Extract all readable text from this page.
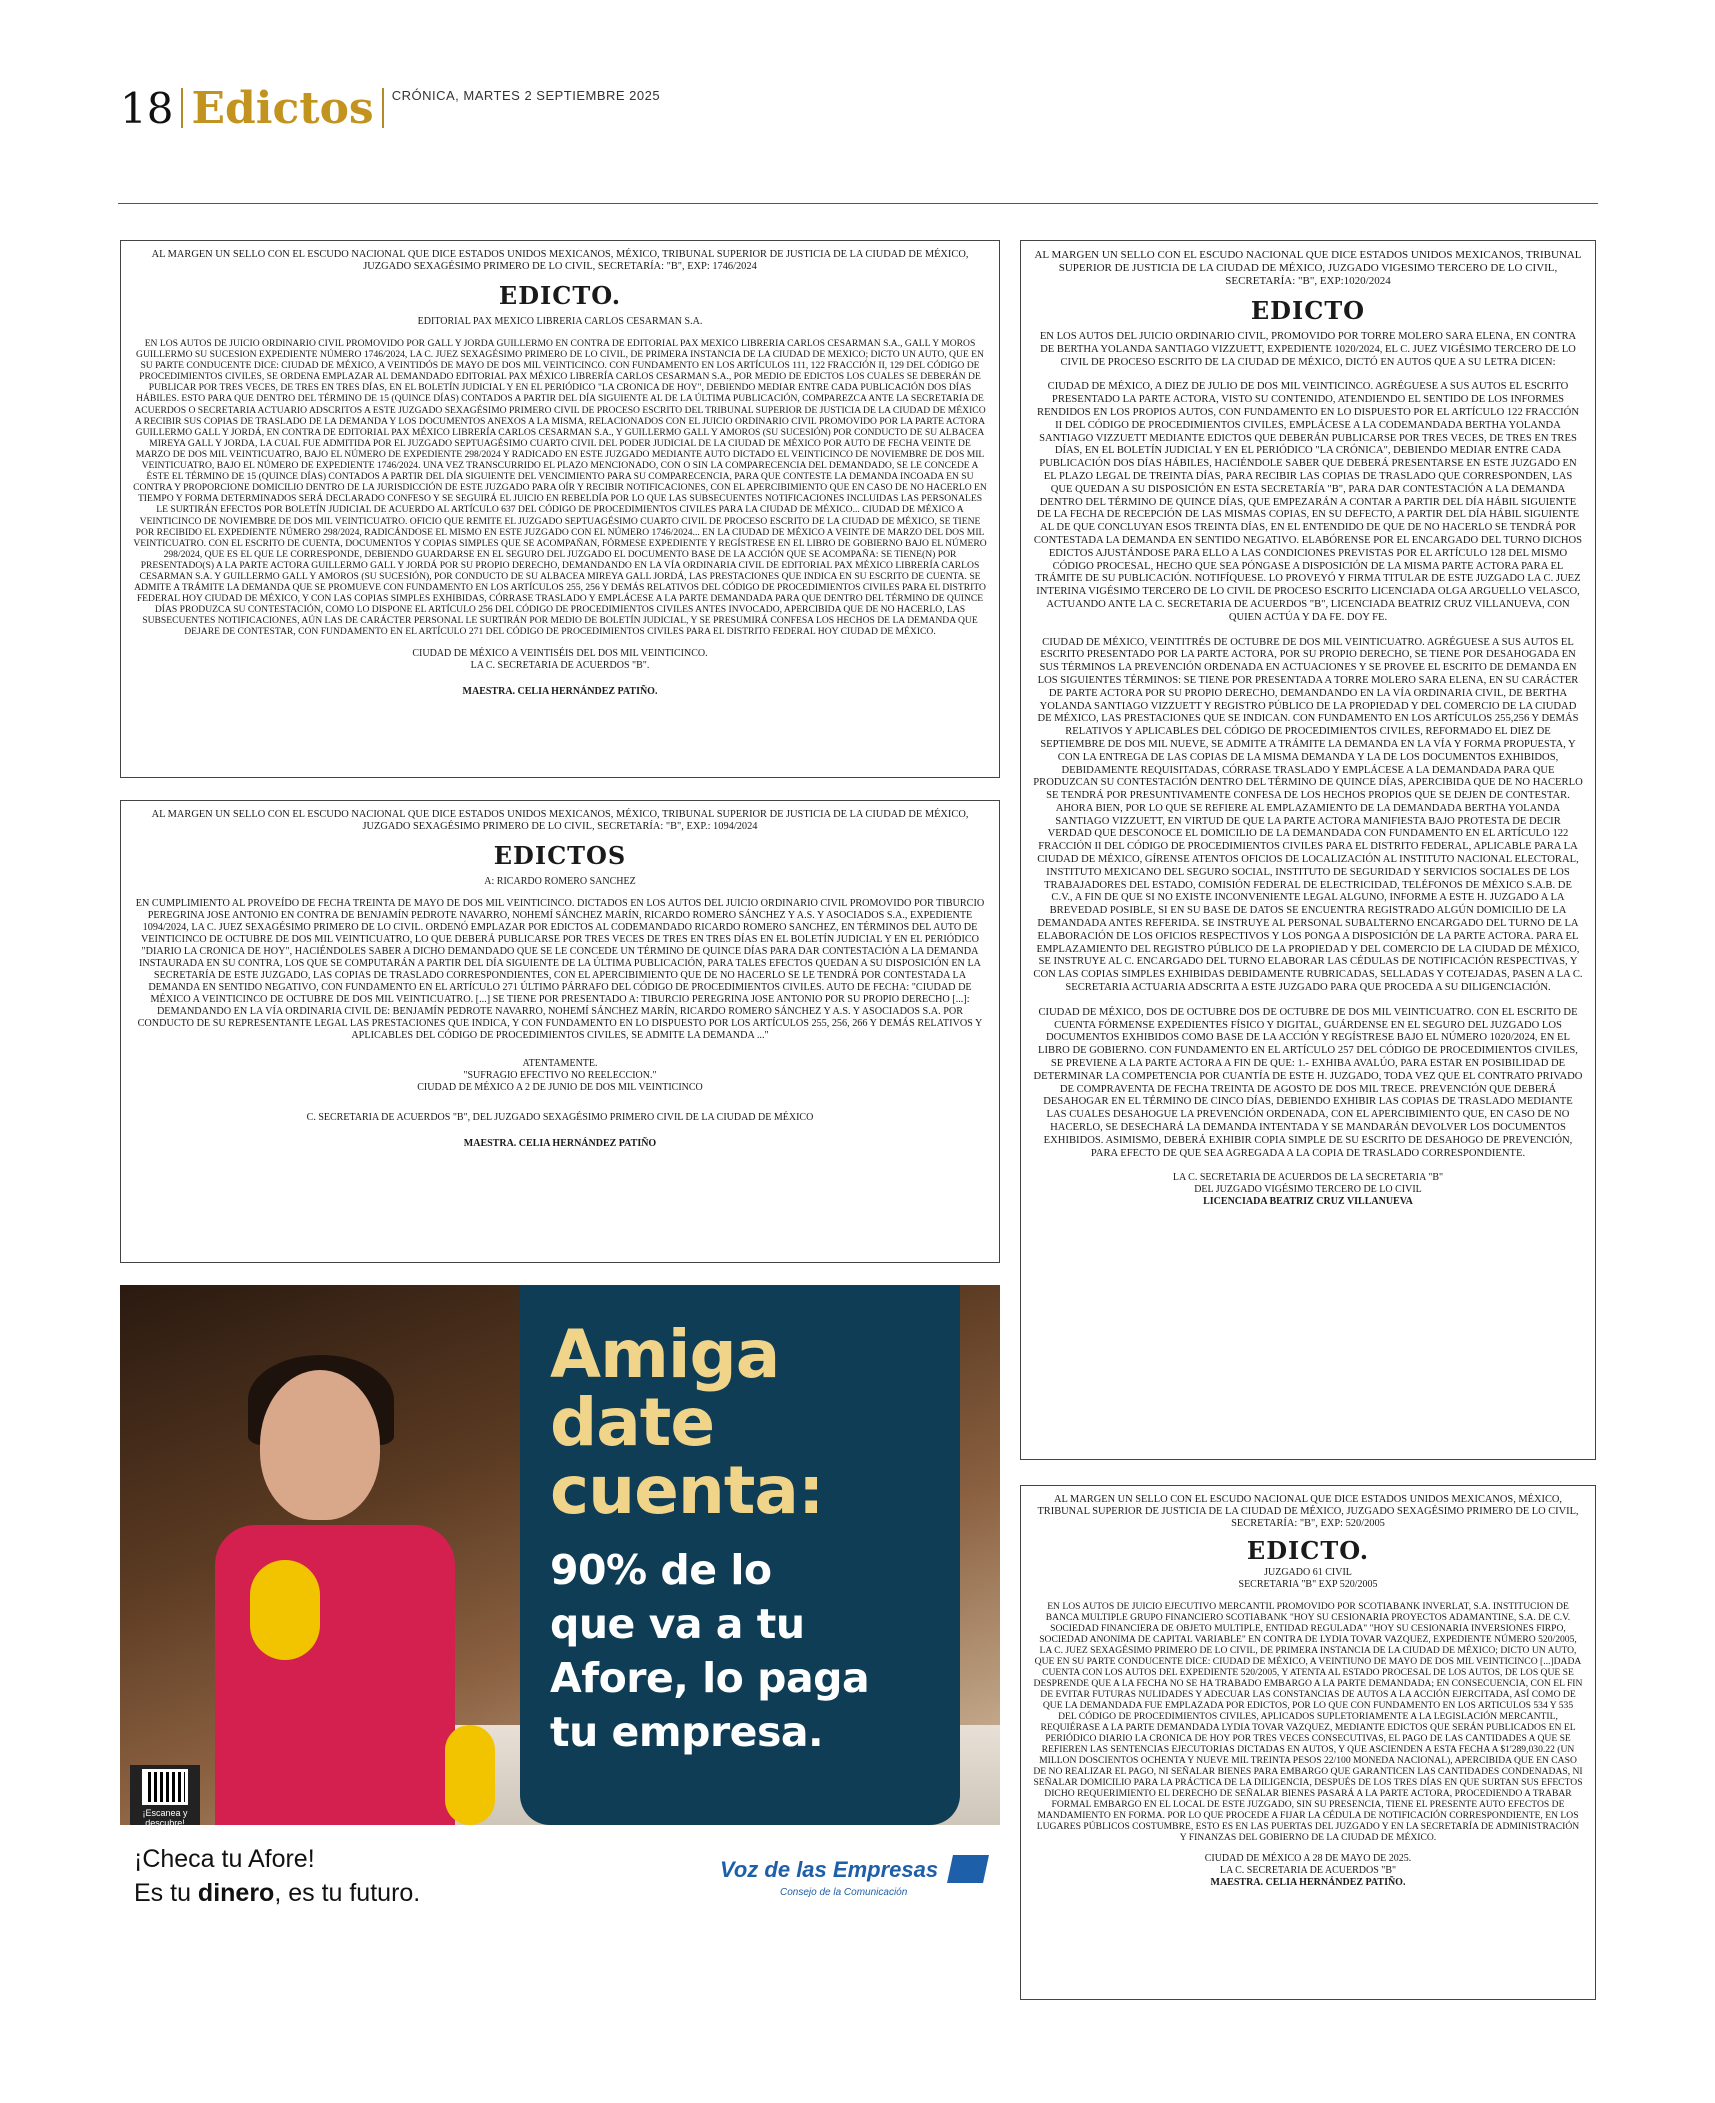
18 Edictos CRÓNICA, MARTES 2 SEPTIEMBRE 2025
AL MARGEN UN SELLO CON EL ESCUDO NACIONAL QUE DICE ESTADOS UNIDOS MEXICANOS, MÉXICO, TRIBUNAL SUPERIOR DE JUSTICIA DE LA CIUDAD DE MÉXICO, JUZGADO SEXAGÉSIMO PRIMERO DE LO CIVIL, SECRETARÍA: "B", EXP: 1746/2024
EDICTO.
EDITORIAL PAX MEXICO LIBRERIA CARLOS CESARMAN S.A.
EN LOS AUTOS DE JUICIO ORDINARIO CIVIL PROMOVIDO POR GALL Y JORDA GUILLERMO EN CONTRA DE EDITORIAL PAX MEXICO LIBRERIA CARLOS CESARMAN S.A., GALL Y MOROS GUILLERMO SU SUCESION EXPEDIENTE NÚMERO 1746/2024, LA C. JUEZ SEXAGÉSIMO PRIMERO DE LO CIVIL, DE PRIMERA INSTANCIA DE LA CIUDAD DE MEXICO; DICTO UN AUTO, QUE EN SU PARTE CONDUCENTE DICE: CIUDAD DE MÉXICO, A VEINTIDÓS DE MAYO DE DOS MIL VEINTICINCO. CON FUNDAMENTO EN LOS ARTÍCULOS 111, 122 FRACCIÓN II, 129 DEL CÓDIGO DE PROCEDIMIENTOS CIVILES, SE ORDENA EMPLAZAR AL DEMANDADO EDITORIAL PAX MÉXICO LIBRERÍA CARLOS CESARMAN S.A., POR MEDIO DE EDICTOS LOS CUALES SE DEBERÁN DE PUBLICAR POR TRES VECES, DE TRES EN TRES DÍAS, EN EL BOLETÍN JUDICIAL Y EN EL PERIÓDICO "LA CRONICA DE HOY", DEBIENDO MEDIAR ENTRE CADA PUBLICACIÓN DOS DÍAS HÁBILES. ESTO PARA QUE DENTRO DEL TÉRMINO DE 15 (QUINCE DÍAS) CONTADOS A PARTIR DEL DÍA SIGUIENTE AL DE LA ÚLTIMA PUBLICACIÓN, COMPAREZCA ANTE LA SECRETARIA DE ACUERDOS O SECRETARIA ACTUARIO ADSCRITOS A ESTE JUZGADO SEXAGÉSIMO PRIMERO CIVIL DE PROCESO ESCRITO DEL TRIBUNAL SUPERIOR DE JUSTICIA DE LA CIUDAD DE MÉXICO A RECIBIR SUS COPIAS DE TRASLADO DE LA DEMANDA Y LOS DOCUMENTOS ANEXOS A LA MISMA, RELACIONADOS CON EL JUICIO ORDINARIO CIVIL PROMOVIDO POR LA PARTE ACTORA GUILLERMO GALL Y JORDÁ, EN CONTRA DE EDITORIAL PAX MÉXICO LIBRERÍA CARLOS CESARMAN S.A., Y GUILLERMO GALL Y AMOROS (SU SUCESIÓN) POR CONDUCTO DE SU ALBACEA MIREYA GALL Y JORDA, LA CUAL FUE ADMITIDA POR EL JUZGADO SEPTUAGÉSIMO CUARTO CIVIL DEL PODER JUDICIAL DE LA CIUDAD DE MÉXICO POR AUTO DE FECHA VEINTE DE MARZO DE DOS MIL VEINTICUATRO, BAJO EL NÚMERO DE EXPEDIENTE 298/2024 Y RADICADO EN ESTE JUZGADO MEDIANTE AUTO DICTADO EL VEINTICINCO DE NOVIEMBRE DE DOS MIL VEINTICUATRO, BAJO EL NÚMERO DE EXPEDIENTE 1746/2024. UNA VEZ TRANSCURRIDO EL PLAZO MENCIONADO, CON O SIN LA COMPARECENCIA DEL DEMANDADO, SE LE CONCEDE A ÉSTE EL TÉRMINO DE 15 (QUINCE DÍAS) CONTADOS A PARTIR DEL DÍA SIGUIENTE DEL VENCIMIENTO PARA SU COMPARECENCIA, PARA QUE CONTESTE LA DEMANDA INCOADA EN SU CONTRA Y PROPORCIONE DOMICILIO DENTRO DE LA JURISDICCIÓN DE ESTE JUZGADO PARA OÍR Y RECIBIR NOTIFICACIONES, CON EL APERCIBIMIENTO QUE EN CASO DE NO HACERLO EN TIEMPO Y FORMA DETERMINADOS SERÁ DECLARADO CONFESO Y SE SEGUIRÁ EL JUICIO EN REBELDÍA POR LO QUE LAS SUBSECUENTES NOTIFICACIONES INCLUIDAS LAS PERSONALES LE SURTIRÁN EFECTOS POR BOLETÍN JUDICIAL DE ACUERDO AL ARTÍCULO 637 DEL CÓDIGO DE PROCEDIMIENTOS CIVILES PARA LA CIUDAD DE MÉXICO... CIUDAD DE MÉXICO A VEINTICINCO DE NOVIEMBRE DE DOS MIL VEINTICUATRO. OFICIO QUE REMITE EL JUZGADO SEPTUAGÉSIMO CUARTO CIVIL DE PROCESO ESCRITO DE LA CIUDAD DE MÉXICO, SE TIENE POR RECIBIDO EL EXPEDIENTE NÚMERO 298/2024, RADICÁNDOSE EL MISMO EN ESTE JUZGADO CON EL NÚMERO 1746/2024... EN LA CIUDAD DE MÉXICO A VEINTE DE MARZO DEL DOS MIL VEINTICUATRO. CON EL ESCRITO DE CUENTA, DOCUMENTOS Y COPIAS SIMPLES QUE SE ACOMPAÑAN, FÓRMESE EXPEDIENTE Y REGÍSTRESE EN EL LIBRO DE GOBIERNO BAJO EL NÚMERO 298/2024, QUE ES EL QUE LE CORRESPONDE, DEBIENDO GUARDARSE EN EL SEGURO DEL JUZGADO EL DOCUMENTO BASE DE LA ACCIÓN QUE SE ACOMPAÑA: SE TIENE(N) POR PRESENTADO(S) A LA PARTE ACTORA GUILLERMO GALL Y JORDÁ POR SU PROPIO DERECHO, DEMANDANDO EN LA VÍA ORDINARIA CIVIL DE EDITORIAL PAX MÉXICO LIBRERÍA CARLOS CESARMAN S.A. Y GUILLERMO GALL Y AMOROS (SU SUCESIÓN), POR CONDUCTO DE SU ALBACEA MIREYA GALL JORDÁ, LAS PRESTACIONES QUE INDICA EN SU ESCRITO DE CUENTA. SE ADMITE A TRÁMITE LA DEMANDA QUE SE PROMUEVE CON FUNDAMENTO EN LOS ARTÍCULOS 255, 256 Y DEMÁS RELATIVOS DEL CÓDIGO DE PROCEDIMIENTOS CIVILES PARA EL DISTRITO FEDERAL HOY CIUDAD DE MÉXICO, Y CON LAS COPIAS SIMPLES EXHIBIDAS, CÓRRASE TRASLADO Y EMPLÁCESE A LA PARTE DEMANDADA PARA QUE DENTRO DEL TÉRMINO DE QUINCE DÍAS PRODUZCA SU CONTESTACIÓN, COMO LO DISPONE EL ARTÍCULO 256 DEL CÓDIGO DE PROCEDIMIENTOS CIVILES ANTES INVOCADO, APERCIBIDA QUE DE NO HACERLO, LAS SUBSECUENTES NOTIFICACIONES, AÚN LAS DE CARÁCTER PERSONAL LE SURTIRÁN POR MEDIO DE BOLETÍN JUDICIAL, Y SE PRESUMIRÁ CONFESA LOS HECHOS DE LA DEMANDA QUE DEJARE DE CONTESTAR, CON FUNDAMENTO EN EL ARTÍCULO 271 DEL CÓDIGO DE PROCEDIMIENTOS CIVILES PARA EL DISTRITO FEDERAL HOY CIUDAD DE MÉXICO.
CIUDAD DE MÉXICO A VEINTISÉIS DEL DOS MIL VEINTICINCO.
LA C. SECRETARIA DE ACUERDOS "B".
MAESTRA. CELIA HERNÁNDEZ PATIÑO.
AL MARGEN UN SELLO CON EL ESCUDO NACIONAL QUE DICE ESTADOS UNIDOS MEXICANOS, MÉXICO, TRIBUNAL SUPERIOR DE JUSTICIA DE LA CIUDAD DE MÉXICO, JUZGADO SEXAGÉSIMO PRIMERO DE LO CIVIL, SECRETARÍA: "B", EXP.: 1094/2024
EDICTOS
A: RICARDO ROMERO SANCHEZ
EN CUMPLIMIENTO AL PROVEÍDO DE FECHA TREINTA DE MAYO DE DOS MIL VEINTICINCO. DICTADOS EN LOS AUTOS DEL JUICIO ORDINARIO CIVIL PROMOVIDO POR TIBURCIO PEREGRINA JOSE ANTONIO EN CONTRA DE BENJAMÍN PEDROTE NAVARRO, NOHEMÍ SÁNCHEZ MARÍN, RICARDO ROMERO SÁNCHEZ Y A.S. Y ASOCIADOS S.A., EXPEDIENTE 1094/2024, LA C. JUEZ SEXAGÉSIMO PRIMERO DE LO CIVIL. ORDENÓ EMPLAZAR POR EDICTOS AL CODEMANDADO RICARDO ROMERO SANCHEZ, EN TÉRMINOS DEL AUTO DE VEINTICINCO DE OCTUBRE DE DOS MIL VEINTICUATRO, LO QUE DEBERÁ PUBLICARSE POR TRES VECES DE TRES EN TRES DÍAS EN EL BOLETÍN JUDICIAL Y EN EL PERIÓDICO "DIARIO LA CRONICA DE HOY", HACIÉNDOLES SABER A DICHO DEMANDADO QUE SE LE CONCEDE UN TÉRMINO DE QUINCE DÍAS PARA DAR CONTESTACIÓN A LA DEMANDA INSTAURADA EN SU CONTRA, LOS QUE SE COMPUTARÁN A PARTIR DEL DÍA SIGUIENTE DE LA ÚLTIMA PUBLICACIÓN, PARA TALES EFECTOS QUEDAN A SU DISPOSICIÓN EN LA SECRETARÍA DE ESTE JUZGADO, LAS COPIAS DE TRASLADO CORRESPONDIENTES, CON EL APERCIBIMIENTO QUE DE NO HACERLO SE LE TENDRÁ POR CONTESTADA LA DEMANDA EN SENTIDO NEGATIVO, CON FUNDAMENTO EN EL ARTÍCULO 271 ÚLTIMO PÁRRAFO DEL CÓDIGO DE PROCEDIMIENTOS CIVILES. AUTO DE FECHA: "CIUDAD DE MÉXICO A VEINTICINCO DE OCTUBRE DE DOS MIL VEINTICUATRO. [...] SE TIENE POR PRESENTADO A: TIBURCIO PEREGRINA JOSE ANTONIO POR SU PROPIO DERECHO [...]: DEMANDANDO EN LA VÍA ORDINARIA CIVIL DE: BENJAMÍN PEDROTE NAVARRO, NOHEMÍ SÁNCHEZ MARÍN, RICARDO ROMERO SÁNCHEZ Y A.S. Y ASOCIADOS S.A. POR CONDUCTO DE SU REPRESENTANTE LEGAL LAS PRESTACIONES QUE INDICA, Y CON FUNDAMENTO EN LO DISPUESTO POR LOS ARTÍCULOS 255, 256, 266 Y DEMÁS RELATIVOS Y APLICABLES DEL CÓDIGO DE PROCEDIMIENTOS CIVILES, SE ADMITE LA DEMANDA ..."
ATENTAMENTE.
"SUFRAGIO EFECTIVO NO REELECCION."
CIUDAD DE MÉXICO A 2 DE JUNIO DE DOS MIL VEINTICINCO
C. SECRETARIA DE ACUERDOS "B", DEL JUZGADO SEXAGÉSIMO PRIMERO CIVIL DE LA CIUDAD DE MÉXICO
MAESTRA. CELIA HERNÁNDEZ PATIÑO
AL MARGEN UN SELLO CON EL ESCUDO NACIONAL QUE DICE ESTADOS UNIDOS MEXICANOS, TRIBUNAL SUPERIOR DE JUSTICIA DE LA CIUDAD DE MÉXICO, JUZGADO VIGESIMO TERCERO DE LO CIVIL, SECRETARÍA: "B", EXP:1020/2024
EDICTO
EN LOS AUTOS DEL JUICIO ORDINARIO CIVIL, PROMOVIDO POR TORRE MOLERO SARA ELENA, EN CONTRA DE BERTHA YOLANDA SANTIAGO VIZZUETT, EXPEDIENTE 1020/2024, EL C. JUEZ VIGÉSIMO TERCERO DE LO CIVIL DE PROCESO ESCRITO DE LA CIUDAD DE MÉXICO, DICTÓ EN AUTOS QUE A SU LETRA DICEN:
CIUDAD DE MÉXICO, A DIEZ DE JULIO DE DOS MIL VEINTICINCO. AGRÉGUESE A SUS AUTOS EL ESCRITO PRESENTADO LA PARTE ACTORA, VISTO SU CONTENIDO, ATENDIENDO EL SENTIDO DE LOS INFORMES RENDIDOS EN LOS PROPIOS AUTOS, CON FUNDAMENTO EN LO DISPUESTO POR EL ARTÍCULO 122 FRACCIÓN II DEL CÓDIGO DE PROCEDIMIENTOS CIVILES, EMPLÁCESE A LA CODEMANDADA BERTHA YOLANDA SANTIAGO VIZZUETT MEDIANTE EDICTOS QUE DEBERÁN PUBLICARSE POR TRES VECES, DE TRES EN TRES DÍAS, EN EL BOLETÍN JUDICIAL Y EN EL PERIÓDICO "LA CRÓNICA", DEBIENDO MEDIAR ENTRE CADA PUBLICACIÓN DOS DÍAS HÁBILES, HACIÉNDOLE SABER QUE DEBERÁ PRESENTARSE EN ESTE JUZGADO EN EL PLAZO LEGAL DE TREINTA DÍAS, PARA RECIBIR LAS COPIAS DE TRASLADO QUE CORRESPONDEN, LAS QUE QUEDAN A SU DISPOSICIÓN EN ESTA SECRETARÍA "B", PARA DAR CONTESTACIÓN A LA DEMANDA DENTRO DEL TÉRMINO DE QUINCE DÍAS, QUE EMPEZARÁN A CONTAR A PARTIR DEL DÍA HÁBIL SIGUIENTE DE LA FECHA DE RECEPCIÓN DE LAS MISMAS COPIAS, EN SU DEFECTO, A PARTIR DEL DÍA HÁBIL SIGUIENTE AL DE QUE CONCLUYAN ESOS TREINTA DÍAS, EN EL ENTENDIDO DE QUE DE NO HACERLO SE TENDRÁ POR CONTESTADA LA DEMANDA EN SENTIDO NEGATIVO. ELABÓRENSE POR EL ENCARGADO DEL TURNO DICHOS EDICTOS AJUSTÁNDOSE PARA ELLO A LAS CONDICIONES PREVISTAS POR EL ARTÍCULO 128 DEL MISMO CÓDIGO PROCESAL, HECHO QUE SEA PÓNGASE A DISPOSICIÓN DE LA MISMA PARTE ACTORA PARA EL TRÁMITE DE SU PUBLICACIÓN. NOTIFÍQUESE. LO PROVEYÓ Y FIRMA TITULAR DE ESTE JUZGADO LA C. JUEZ INTERINA VIGÉSIMO TERCERO DE LO CIVIL DE PROCESO ESCRITO LICENCIADA OLGA ARGUELLO VELASCO, ACTUANDO ANTE LA C. SECRETARIA DE ACUERDOS "B", LICENCIADA BEATRIZ CRUZ VILLANUEVA, CON QUIEN ACTÚA Y DA FE. DOY FE.
CIUDAD DE MÉXICO, VEINTITRÉS DE OCTUBRE DE DOS MIL VEINTICUATRO. AGRÉGUESE A SUS AUTOS EL ESCRITO PRESENTADO POR LA PARTE ACTORA, POR SU PROPIO DERECHO, SE TIENE POR DESAHOGADA EN SUS TÉRMINOS LA PREVENCIÓN ORDENADA EN ACTUACIONES Y SE PROVEE EL ESCRITO DE DEMANDA EN LOS SIGUIENTES TÉRMINOS: SE TIENE POR PRESENTADA A TORRE MOLERO SARA ELENA, EN SU CARÁCTER DE PARTE ACTORA POR SU PROPIO DERECHO, DEMANDANDO EN LA VÍA ORDINARIA CIVIL, DE BERTHA YOLANDA SANTIAGO VIZZUETT Y REGISTRO PÚBLICO DE LA PROPIEDAD Y DEL COMERCIO DE LA CIUDAD DE MÉXICO, LAS PRESTACIONES QUE SE INDICAN. CON FUNDAMENTO EN LOS ARTÍCULOS 255,256 Y DEMÁS RELATIVOS Y APLICABLES DEL CÓDIGO DE PROCEDIMIENTOS CIVILES, REFORMADO EL DIEZ DE SEPTIEMBRE DE DOS MIL NUEVE, SE ADMITE A TRÁMITE LA DEMANDA EN LA VÍA Y FORMA PROPUESTA, Y CON LA ENTREGA DE LAS COPIAS DE LA MISMA DEMANDA Y LA DE LOS DOCUMENTOS EXHIBIDOS, DEBIDAMENTE REQUISITADAS, CÓRRASE TRASLADO Y EMPLÁCESE A LA DEMANDADA PARA QUE PRODUZCAN SU CONTESTACIÓN DENTRO DEL TÉRMINO DE QUINCE DÍAS, APERCIBIDA QUE DE NO HACERLO SE TENDRÁ POR PRESUNTIVAMENTE CONFESA DE LOS HECHOS PROPIOS QUE SE DEJEN DE CONTESTAR. AHORA BIEN, POR LO QUE SE REFIERE AL EMPLAZAMIENTO DE LA DEMANDADA BERTHA YOLANDA SANTIAGO VIZZUETT, EN VIRTUD DE QUE LA PARTE ACTORA MANIFIESTA BAJO PROTESTA DE DECIR VERDAD QUE DESCONOCE EL DOMICILIO DE LA DEMANDADA CON FUNDAMENTO EN EL ARTÍCULO 122 FRACCIÓN II DEL CÓDIGO DE PROCEDIMIENTOS CIVILES PARA EL DISTRITO FEDERAL, APLICABLE PARA LA CIUDAD DE MÉXICO, GÍRENSE ATENTOS OFICIOS DE LOCALIZACIÓN AL INSTITUTO NACIONAL ELECTORAL, INSTITUTO MEXICANO DEL SEGURO SOCIAL, INSTITUTO DE SEGURIDAD Y SERVICIOS SOCIALES DE LOS TRABAJADORES DEL ESTADO, COMISIÓN FEDERAL DE ELECTRICIDAD, TELÉFONOS DE MÉXICO S.A.B. DE C.V., A FIN DE QUE SI NO EXISTE INCONVENIENTE LEGAL ALGUNO, INFORME A ESTE H. JUZGADO A LA BREVEDAD POSIBLE, SI EN SU BASE DE DATOS SE ENCUENTRA REGISTRADO ALGÚN DOMICILIO DE LA DEMANDADA ANTES REFERIDA. SE INSTRUYE AL PERSONAL SUBALTERNO ENCARGADO DEL TURNO DE LA ELABORACIÓN DE LOS OFICIOS RESPECTIVOS Y LOS PONGA A DISPOSICIÓN DE LA PARTE ACTORA. PARA EL EMPLAZAMIENTO DEL REGISTRO PÚBLICO DE LA PROPIEDAD Y DEL COMERCIO DE LA CIUDAD DE MÉXICO, SE INSTRUYE AL C. ENCARGADO DEL TURNO ELABORAR LAS CÉDULAS DE NOTIFICACIÓN RESPECTIVAS, Y CON LAS COPIAS SIMPLES EXHIBIDAS DEBIDAMENTE RUBRICADAS, SELLADAS Y COTEJADAS, PASEN A LA C. SECRETARIA ACTUARIA ADSCRITA A ESTE JUZGADO PARA QUE PROCEDA A SU DILIGENCIACIÓN.
CIUDAD DE MÉXICO, DOS DE OCTUBRE DOS DE OCTUBRE DE DOS MIL VEINTICUATRO. CON EL ESCRITO DE CUENTA FÓRMENSE EXPEDIENTES FÍSICO Y DIGITAL, GUÁRDENSE EN EL SEGURO DEL JUZGADO LOS DOCUMENTOS EXHIBIDOS COMO BASE DE LA ACCIÓN Y REGÍSTRESE BAJO EL NÚMERO 1020/2024, EN EL LIBRO DE GOBIERNO. CON FUNDAMENTO EN EL ARTÍCULO 257 DEL CÓDIGO DE PROCEDIMIENTOS CIVILES, SE PREVIENE A LA PARTE ACTORA A FIN DE QUE: 1.- EXHIBA AVALÚO, PARA ESTAR EN POSIBILIDAD DE DETERMINAR LA COMPETENCIA POR CUANTÍA DE ESTE H. JUZGADO, TODA VEZ QUE EL CONTRATO PRIVADO DE COMPRAVENTA DE FECHA TREINTA DE AGOSTO DE DOS MIL TRECE. PREVENCIÓN QUE DEBERÁ DESAHOGAR EN EL TÉRMINO DE CINCO DÍAS, DEBIENDO EXHIBIR LAS COPIAS DE TRASLADO MEDIANTE LAS CUALES DESAHOGUE LA PREVENCIÓN ORDENADA, CON EL APERCIBIMIENTO QUE, EN CASO DE NO HACERLO, SE DESECHARÁ LA DEMANDA INTENTADA Y SE MANDARÁN DEVOLVER LOS DOCUMENTOS EXHIBIDOS. ASIMISMO, DEBERÁ EXHIBIR COPIA SIMPLE DE SU ESCRITO DE DESAHOGO DE PREVENCIÓN, PARA EFECTO DE QUE SEA AGREGADA A LA COPIA DE TRASLADO CORRESPONDIENTE.
LA C. SECRETARIA DE ACUERDOS DE LA SECRETARIA "B"
DEL JUZGADO VIGÉSIMO TERCERO DE LO CIVIL
LICENCIADA BEATRIZ CRUZ VILLANUEVA
AL MARGEN UN SELLO CON EL ESCUDO NACIONAL QUE DICE ESTADOS UNIDOS MEXICANOS, MÉXICO, TRIBUNAL SUPERIOR DE JUSTICIA DE LA CIUDAD DE MÉXICO, JUZGADO SEXAGÉSIMO PRIMERO DE LO CIVIL, SECRETARÍA: "B", EXP: 520/2005
EDICTO.
JUZGADO 61 CIVIL
SECRETARIA "B" EXP 520/2005
EN LOS AUTOS DE JUICIO EJECUTIVO MERCANTIL PROMOVIDO POR SCOTIABANK INVERLAT, S.A. INSTITUCION DE BANCA MULTIPLE GRUPO FINANCIERO SCOTIABANK "HOY SU CESIONARIA PROYECTOS ADAMANTINE, S.A. DE C.V. SOCIEDAD FINANCIERA DE OBJETO MULTIPLE, ENTIDAD REGULADA" "HOY SU CESIONARIA INVERSIONES FIRPO, SOCIEDAD ANONIMA DE CAPITAL VARIABLE" EN CONTRA DE LYDIA TOVAR VAZQUEZ, EXPEDIENTE NÚMERO 520/2005, LA C. JUEZ SEXAGÉSIMO PRIMERO DE LO CIVIL, DE PRIMERA INSTANCIA DE LA CIUDAD DE MÉXICO; DICTO UN AUTO, QUE EN SU PARTE CONDUCENTE DICE: CIUDAD DE MÉXICO, A VEINTIUNO DE MAYO DE DOS MIL VEINTICINCO [...]DADA CUENTA CON LOS AUTOS DEL EXPEDIENTE 520/2005, Y ATENTA AL ESTADO PROCESAL DE LOS AUTOS, DE LOS QUE SE DESPRENDE QUE A LA FECHA NO SE HA TRABADO EMBARGO A LA PARTE DEMANDADA; EN CONSECUENCIA, CON EL FIN DE EVITAR FUTURAS NULIDADES Y ADECUAR LAS CONSTANCIAS DE AUTOS A LA ACCIÓN EJERCITADA, ASÍ COMO DE QUE LA DEMANDADA FUE EMPLAZADA POR EDICTOS, POR LO QUE CON FUNDAMENTO EN LOS ARTICULOS 534 Y 535 DEL CÓDIGO DE PROCEDIMIENTOS CIVILES, APLICADOS SUPLETORIAMENTE A LA LEGISLACIÓN MERCANTIL, REQUIÉRASE A LA PARTE DEMANDADA LYDIA TOVAR VAZQUEZ, MEDIANTE EDICTOS QUE SERÁN PUBLICADOS EN EL PERIÓDICO DIARIO LA CRONICA DE HOY POR TRES VECES CONSECUTIVAS, EL PAGO DE LAS CANTIDADES A QUE SE REFIEREN LAS SENTENCIAS EJECUTORIAS DICTADAS EN AUTOS, Y QUE ASCIENDEN A ESTA FECHA A $1'289,030.22 (UN MILLON DOSCIENTOS OCHENTA Y NUEVE MIL TREINTA PESOS 22/100 MONEDA NACIONAL), APERCIBIDA QUE EN CASO DE NO REALIZAR EL PAGO, NI SEÑALAR BIENES PARA EMBARGO QUE GARANTICEN LAS CANTIDADES CONDENADAS, NI SEÑALAR DOMICILIO PARA LA PRÁCTICA DE LA DILIGENCIA, DESPUÉS DE LOS TRES DÍAS EN QUE SURTAN SUS EFECTOS DICHO REQUERIMIENTO EL DERECHO DE SEÑALAR BIENES PASARÁ A LA PARTE ACTORA, PROCEDIENDO A TRABAR FORMAL EMBARGO EN EL LOCAL DE ESTE JUZGADO, SIN SU PRESENCIA, TIENE EL PRESENTE AUTO EFECTOS DE MANDAMIENTO EN FORMA. POR LO QUE PROCEDE A FIJAR LA CÉDULA DE NOTIFICACIÓN CORRESPONDIENTE, EN LOS LUGARES PÚBLICOS COSTUMBRE, ESTO ES EN LAS PUERTAS DEL JUZGADO Y EN LA SECRETARÍA DE ADMINISTRACIÓN Y FINANZAS DEL GOBIERNO DE LA CIUDAD DE MÉXICO.
CIUDAD DE MÉXICO A 28 DE MAYO DE 2025.
LA C. SECRETARIA DE ACUERDOS "B"
MAESTRA. CELIA HERNÁNDEZ PATIÑO.
Amiga
date
cuenta:
90% de lo
que va a tu
Afore, lo paga
tu empresa.
¡Escanea y descubre!
¡Checa tu Afore!
Es tu dinero, es tu futuro.
Voz de las Empresas
Consejo de la Comunicación
